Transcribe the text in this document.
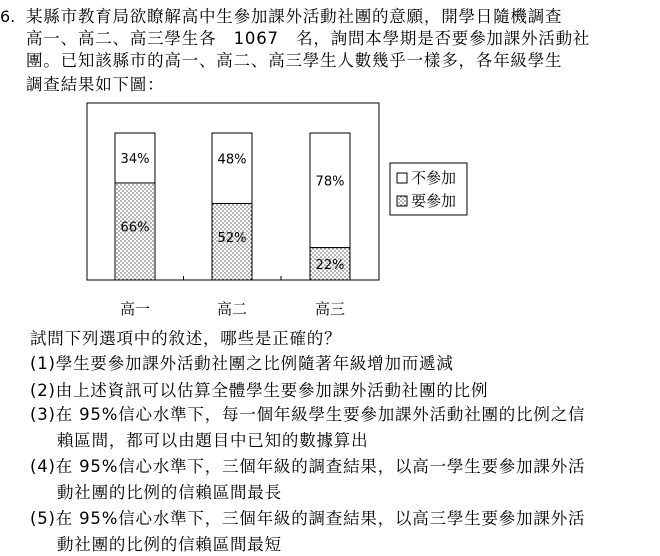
6. 某縣市教育局欲瞭解高中生參加課外活動社團的意願，開學日隨機調查
高一、高二、高三學生各　1067　名，詢問本學期是否要參加課外活動社
團。已知該縣市的高一、高二、高三學生人數幾乎一樣多，各年級學生
調查結果如下圖：
34%
66%
48%
52%
78%
22%
不參加
要參加
高一	高二	高三
試問下列選項中的敘述，哪些是正確的？
(1)學生要參加課外活動社團之比例隨著年級增加而遞減
(2)由上述資訊可以估算全體學生要參加課外活動社團的比例
(3)在 95%信心水準下，每一個年級學生要參加課外活動社團的比例之信
賴區間，都可以由題目中已知的數據算出
(4)在 95%信心水準下，三個年級的調查結果，以高一學生要參加課外活
動社團的比例的信賴區間最長
(5)在 95%信心水準下，三個年級的調查結果，以高三學生要參加課外活
動社團的比例的信賴區間最短
